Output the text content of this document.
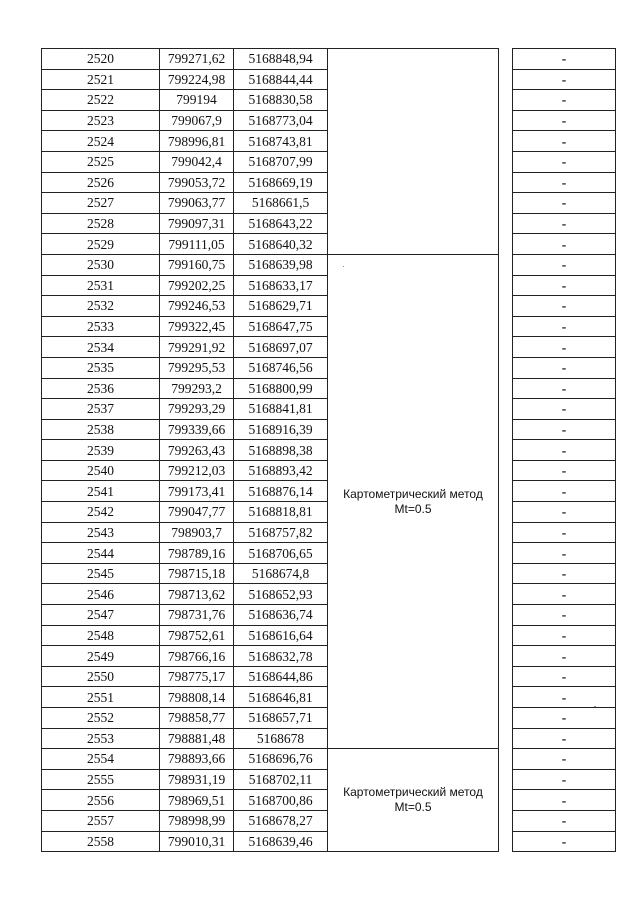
2520	799271,62	5168848,94			-
2521	799224,98	5168844,44			-
2522	799194	5168830,58			-
2523	799067,9	5168773,04			-
2524	798996,81	5168743,81			-
2525	799042,4	5168707,99			-
2526	799053,72	5168669,19			-
2527	799063,77	5168661,5			-
2528	799097,31	5168643,22			-
2529	799111,05	5168640,32			-
2530	799160,75	5168639,98	Картометрический метод Mt=0.5		-
2531	799202,25	5168633,17			-
2532	799246,53	5168629,71			-
2533	799322,45	5168647,75			-
2534	799291,92	5168697,07			-
2535	799295,53	5168746,56			-
2536	799293,2	5168800,99			-
2537	799293,29	5168841,81			-
2538	799339,66	5168916,39			-
2539	799263,43	5168898,38			-
2540	799212,03	5168893,42			-
2541	799173,41	5168876,14			-
2542	799047,77	5168818,81			-
2543	798903,7	5168757,82			-
2544	798789,16	5168706,65			-
2545	798715,18	5168674,8			-
2546	798713,62	5168652,93			-
2547	798731,76	5168636,74			-
2548	798752,61	5168616,64			-
2549	798766,16	5168632,78			-
2550	798775,17	5168644,86			-
2551	798808,14	5168646,81			-
2552	798858,77	5168657,71			-
2553	798881,48	5168678			-
2554	798893,66	5168696,76	Картометрический метод Mt=0.5		-
2555	798931,19	5168702,11			-
2556	798969,51	5168700,86			-
2557	798998,99	5168678,27			-
2558	799010,31	5168639,46			-
